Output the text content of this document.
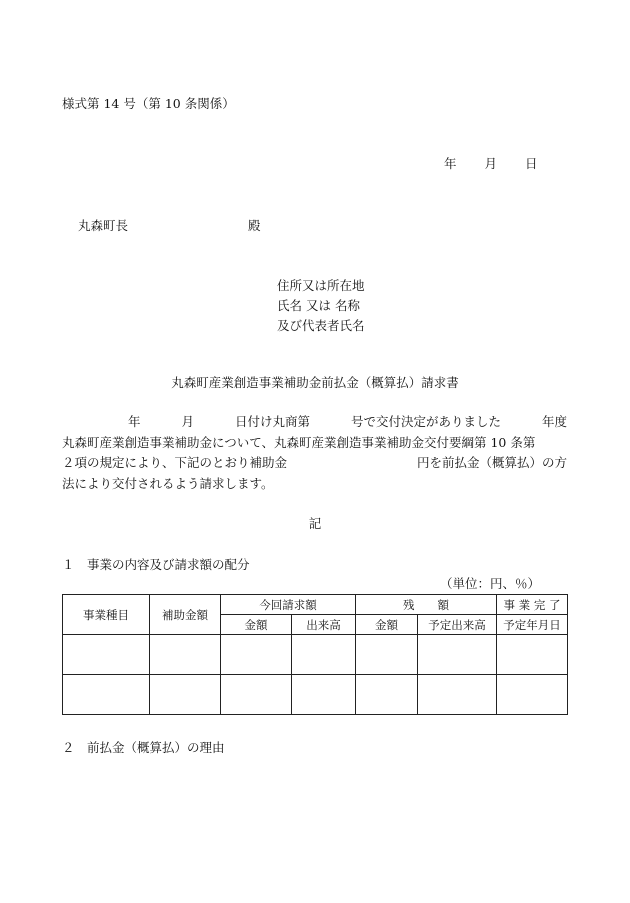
様式第 14 号（第 10 条関係）
年 月 日
丸森町長	殿
住所又は所在地
氏名 又は 名称
及び代表者氏名
丸森町産業創造事業補助金前払金（概算払）請求書
年	月	日付け丸商第	号で交付決定がありました	年度
丸森町産業創造事業補助金について、丸森町産業創造事業補助金交付要綱第 10 条第
２項の規定により、下記のとおり補助金	円を前払金（概算払）の方
法により交付されるよう請求します。
記
１　事業の内容及び請求額の配分
（単位：円、％）
事業種目	補助金額	今回請求額		残　　額		事 業 完 了
		金額	出来高	金額	予定出来高	予定年月日

２　前払金（概算払）の理由
